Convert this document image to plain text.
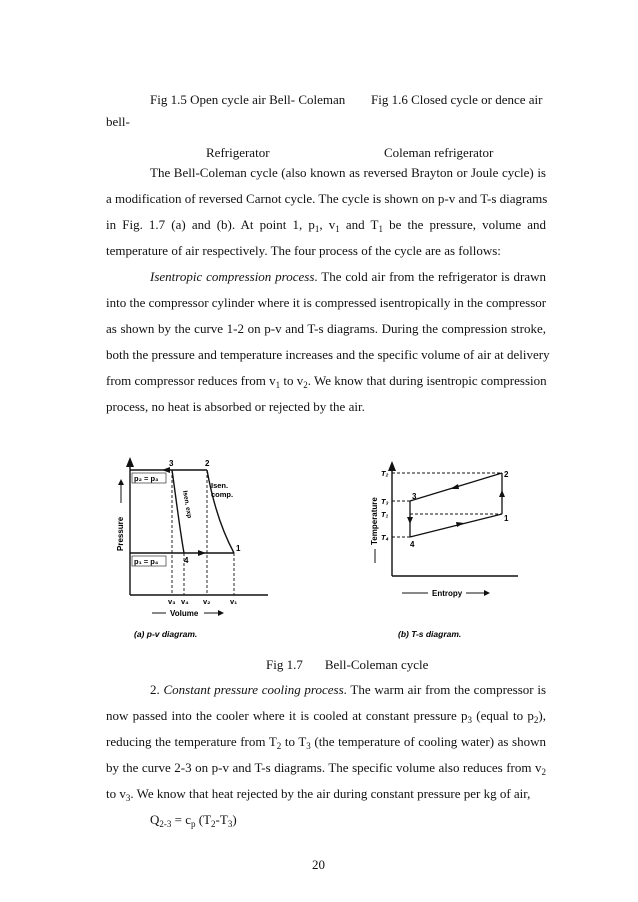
Fig 1.5 Open cycle air Bell- Coleman Fig 1.6 Closed cycle or dence air
bell-
Refrigerator	Coleman refrigerator
The Bell-Coleman cycle (also known as reversed Brayton or Joule cycle) is
a modification of reversed Carnot cycle. The cycle is shown on p-v and T-s diagrams
in Fig. 1.7 (a) and (b). At point 1, $p_1$, $v_1$ and $T_1$ be the pressure, volume and
temperature of air respectively. The four process of the cycle are as follows:
Isentropic compression process. The cold air from the refrigerator is drawn
into the compressor cylinder where it is compressed isentropically in the compressor
as shown by the curve 1-2 on p-v and T-s diagrams. During the compression stroke,
both the pressure and temperature increases and the specific volume of air at delivery
from compressor reduces from $v_1$ to $v_2$. We know that during isentropic compression
process, no heat is absorbed or rejected by the air.
Pressure
p₂ = p₃
p₁ = p₄
3	2
1
4
Isen.
comp.
Isen. exp
v₃ v₄ v₂	v₁
Volume
(a) p-v diagram.
Temperature
T₂
T₃
T₁
T₄
2
3
1
4
Entropy
(b) T-s diagram.
Fig 1.7 Bell-Coleman cycle
2. Constant pressure cooling process. The warm air from the compressor is
now passed into the cooler where it is cooled at constant pressure $p_3$ (equal to $p_2$),
reducing the temperature from $T_2$ to $T_3$ (the temperature of cooling water) as shown
by the curve 2-3 on p-v and T-s diagrams. The specific volume also reduces from $v_2$
to $v_3$. We know that heat rejected by the air during constant pressure per kg of air,
$Q_{2-3} = c_p$ $(T_2-T_3)$
20
